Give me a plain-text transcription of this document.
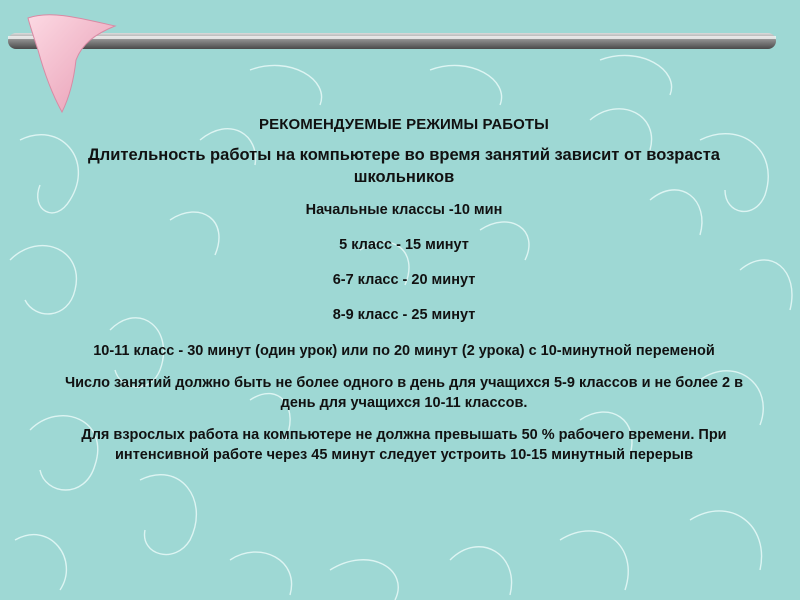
РЕКОМЕНДУЕМЫЕ РЕЖИМЫ РАБОТЫ
Длительность работы на компьютере во время занятий зависит от возраста школьников
Начальные классы -10 мин
5 класс - 15 минут
6-7 класс - 20 минут
8-9 класс - 25 минут
10-11 класс - 30 минут (один урок) или по 20 минут (2 урока) с 10-минутной переменой
Число занятий должно быть не более одного в день для учащихся 5-9 классов и не более 2 в день для учащихся 10-11 классов.
Для взрослых работа на компьютере не должна превышать 50 % рабочего времени. При интенсивной работе через 45 минут следует устроить 10-15 минутный перерыв
